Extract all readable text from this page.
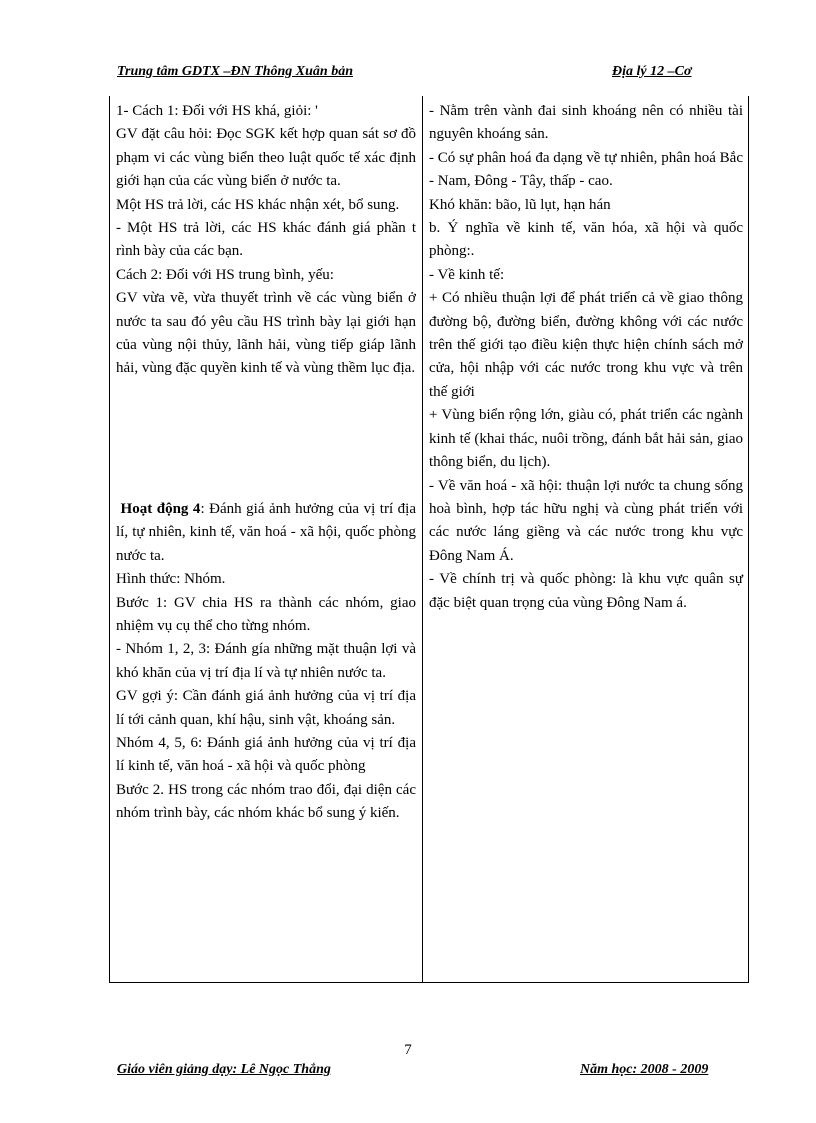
Trung tâm GDTX –ĐN Thông Xuân bản	Địa lý 12 –Cơ

1- Cách 1: Đối với HS khá, giỏi: '

GV đặt câu hỏi: Đọc SGK kết hợp quan sát sơ đồ phạm vi các vùng biển theo luật quốc tế xác định giới hạn của các vùng biển ở nước ta.

Một HS trả lời, các HS khác nhận xét, bổ sung.

- Một HS trả lời, các HS khác đánh giá phần t rình bày của các bạn.

Cách 2: Đối với HS trung bình, yếu:

GV vừa vẽ, vừa thuyết trình về các vùng biển ở nước ta sau đó yêu cầu HS trình bày lại giới hạn của vùng nội thủy, lãnh hải, vùng tiếp giáp lãnh hải, vùng đặc quyền kinh tế và vùng thềm lục địa.

Hoạt động 4: Đánh giá ảnh hưởng của vị trí địa lí, tự nhiên, kinh tế, văn hoá - xã hội, quốc phòng nước ta.

Hình thức: Nhóm.

Bước 1: GV chia HS ra thành các nhóm, giao nhiệm vụ cụ thể cho từng nhóm.

- Nhóm 1, 2, 3: Đánh gía những mặt thuận lợi và khó khăn của vị trí địa lí và tự nhiên nước ta.

GV gợi ý: Cần đánh giá ảnh hưởng của vị trí địa lí tới cảnh quan, khí hậu, sinh vật, khoáng sản.

Nhóm 4, 5, 6: Đánh giá ảnh hưởng của vị trí địa lí kinh tế, văn hoá - xã hội và quốc phòng

Bước 2. HS trong các nhóm trao đổi, đại diện các nhóm trình bày, các nhóm khác bổ sung ý kiến.

- Nằm trên vành đai sinh khoáng nên có nhiều tài nguyên khoáng sản.

- Có sự phân hoá đa dạng về tự nhiên, phân hoá Bắc - Nam, Đông - Tây, thấp - cao.

Khó khăn: bão, lũ lụt, hạn hán

b. Ý nghĩa về kinh tế, văn hóa, xã hội và quốc phòng:.

- Về kinh tế:

+ Có nhiều thuận lợi để phát triển cả về giao thông đường bộ, đường biển, đường không với các nước trên thế giới tạo điều kiện thực hiện chính sách mở cửa, hội nhập với các nước trong khu vực và trên thế giới

+ Vùng biển rộng lớn, giàu có, phát triển các ngành kinh tế (khai thác, nuôi trồng, đánh bắt hải sản, giao thông biển, du lịch).

- Về văn hoá - xã hội: thuận lợi nước ta chung sống hoà bình, hợp tác hữu nghị và cùng phát triển với các nước láng giềng và các nước trong khu vực Đông Nam Á.

- Về chính trị và quốc phòng: là khu vực quân sự đặc biệt quan trọng của vùng Đông Nam á.

7
Giáo viên giảng dạy: Lê Ngọc Thắng	Năm học: 2008 - 2009
